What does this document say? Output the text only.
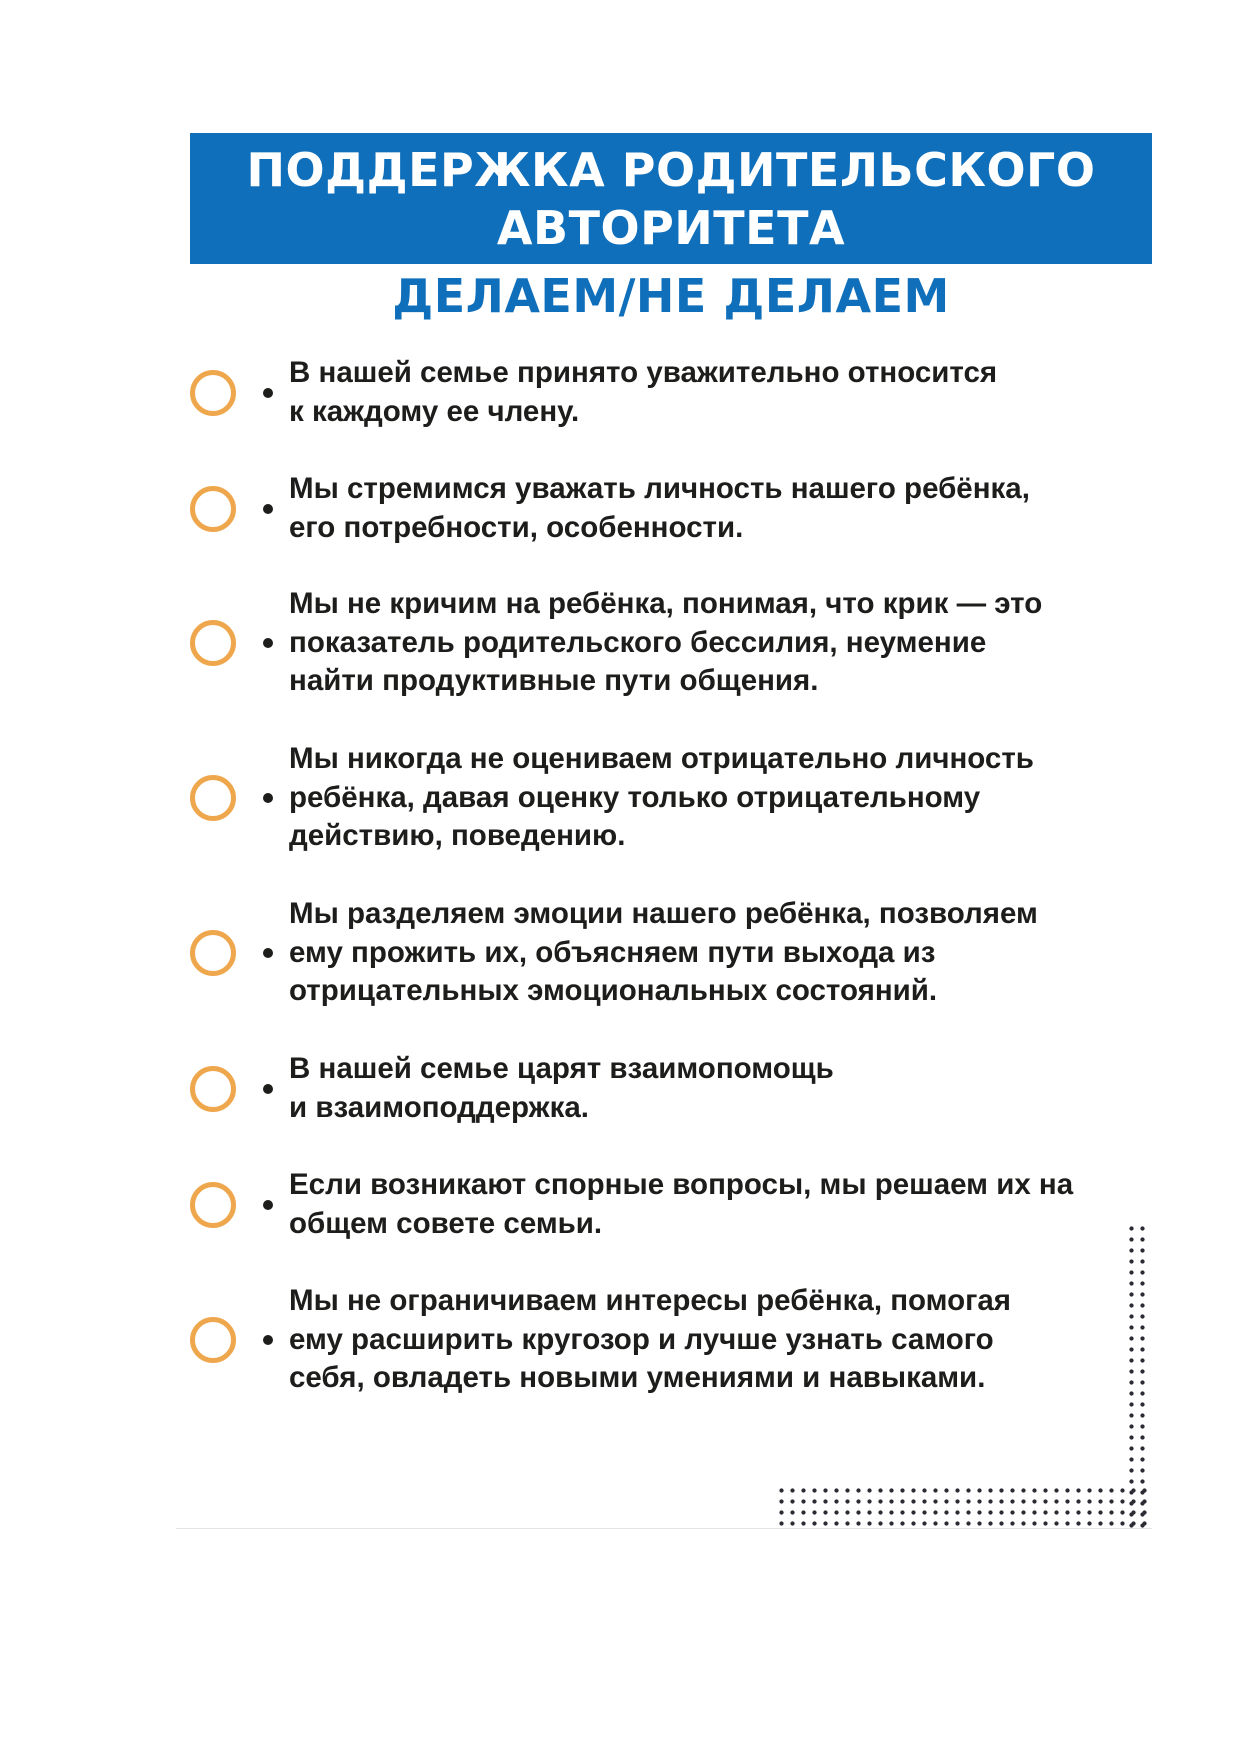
ПОДДЕРЖКА РОДИТЕЛЬСКОГО
АВТОРИТЕТА
ДЕЛАЕМ/НЕ ДЕЛАЕМ

В нашей семье принято уважительно относится
к каждому ее члену.

Мы стремимся уважать личность нашего ребёнка,
его потребности, особенности.

Мы не кричим на ребёнка, понимая, что крик — это
показатель родительского бессилия, неумение
найти продуктивные пути общения.

Мы никогда не оцениваем отрицательно личность
ребёнка, давая оценку только отрицательному
действию, поведению.

Мы разделяем эмоции нашего ребёнка, позволяем
ему прожить их, объясняем пути выхода из
отрицательных эмоциональных состояний.

В нашей семье царят взаимопомощь
и взаимоподдержка.

Если возникают спорные вопросы, мы решаем их на
общем совете семьи.

Мы не ограничиваем интересы ребёнка, помогая
ему расширить кругозор и лучше узнать самого
себя, овладеть новыми умениями и навыками.
